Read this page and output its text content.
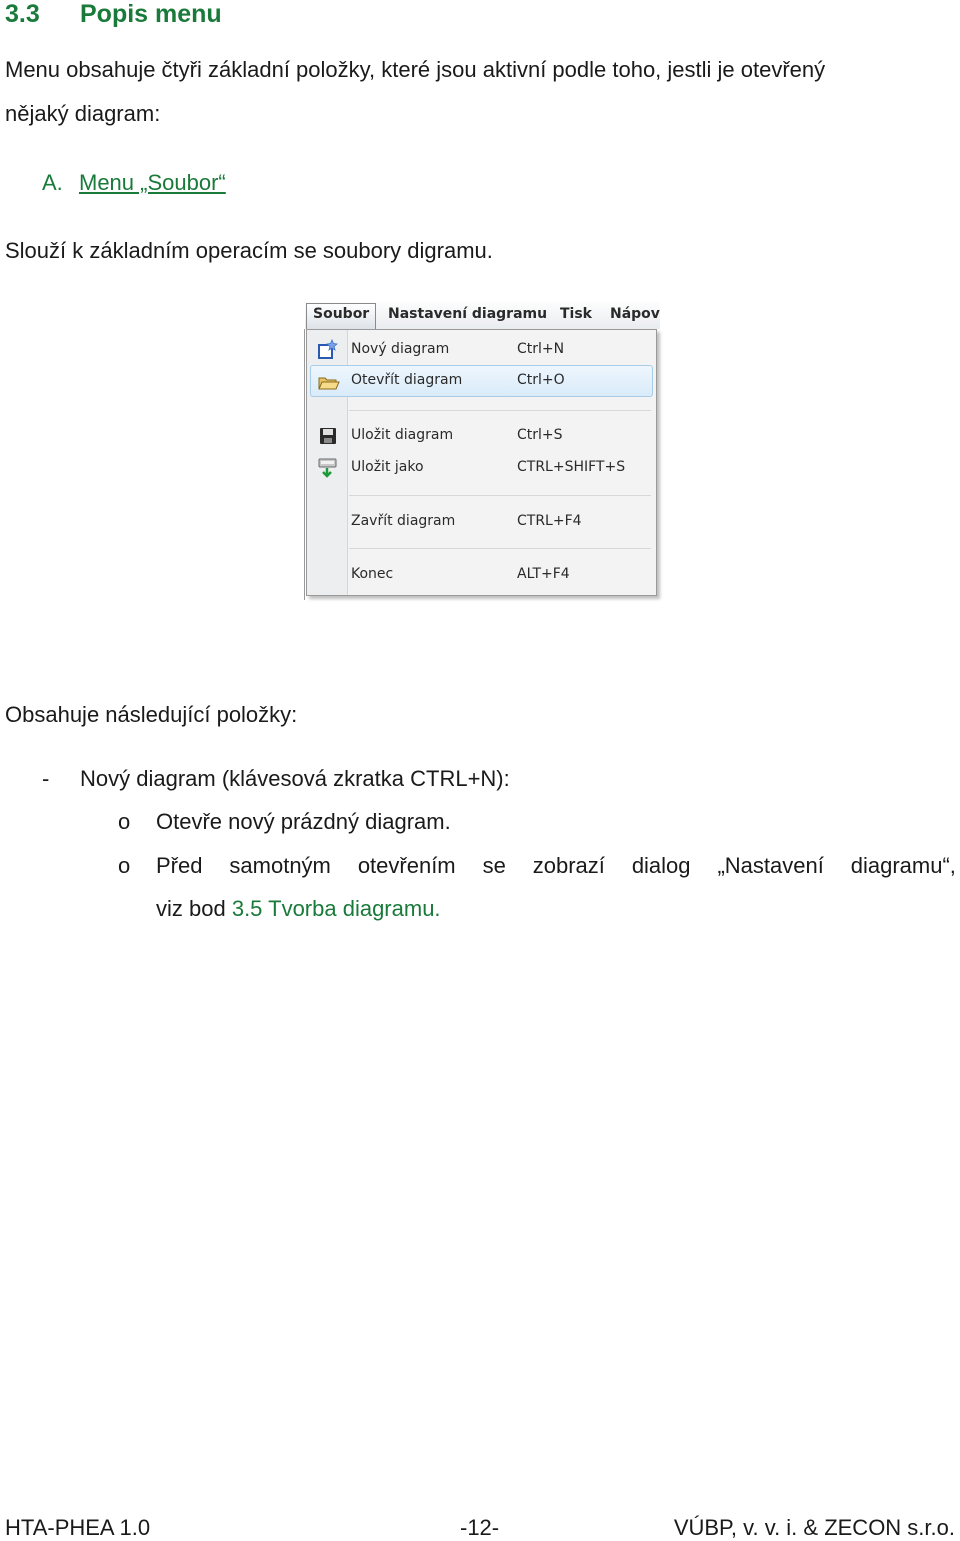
3.3 Popis menu
Menu obsahuje čtyři základní položky, které jsou aktivní podle toho, jestli je otevřený
nějaký diagram:
A. Menu „Soubor“
Slouží k základním operacím se soubory digramu.
Soubor	Nastavení diagramu Tisk Nápov
Nový diagram	Ctrl+N
Otevřít diagram	Ctrl+O
Uložit diagram	Ctrl+S
Uložit jako	CTRL+SHIFT+S
Zavřít diagram	CTRL+F4
Konec	ALT+F4
Obsahuje následující položky:
- Nový diagram (klávesová zkratka CTRL+N):
o Otevře nový prázdný diagram.
o Před samotným otevřením se zobrazí dialog „Nastavení diagramu“,
viz bod 3.5 Tvorba diagramu.
HTA-PHEA 1.0	-12-	VÚBP, v. v. i. & ZECON s.r.o.
